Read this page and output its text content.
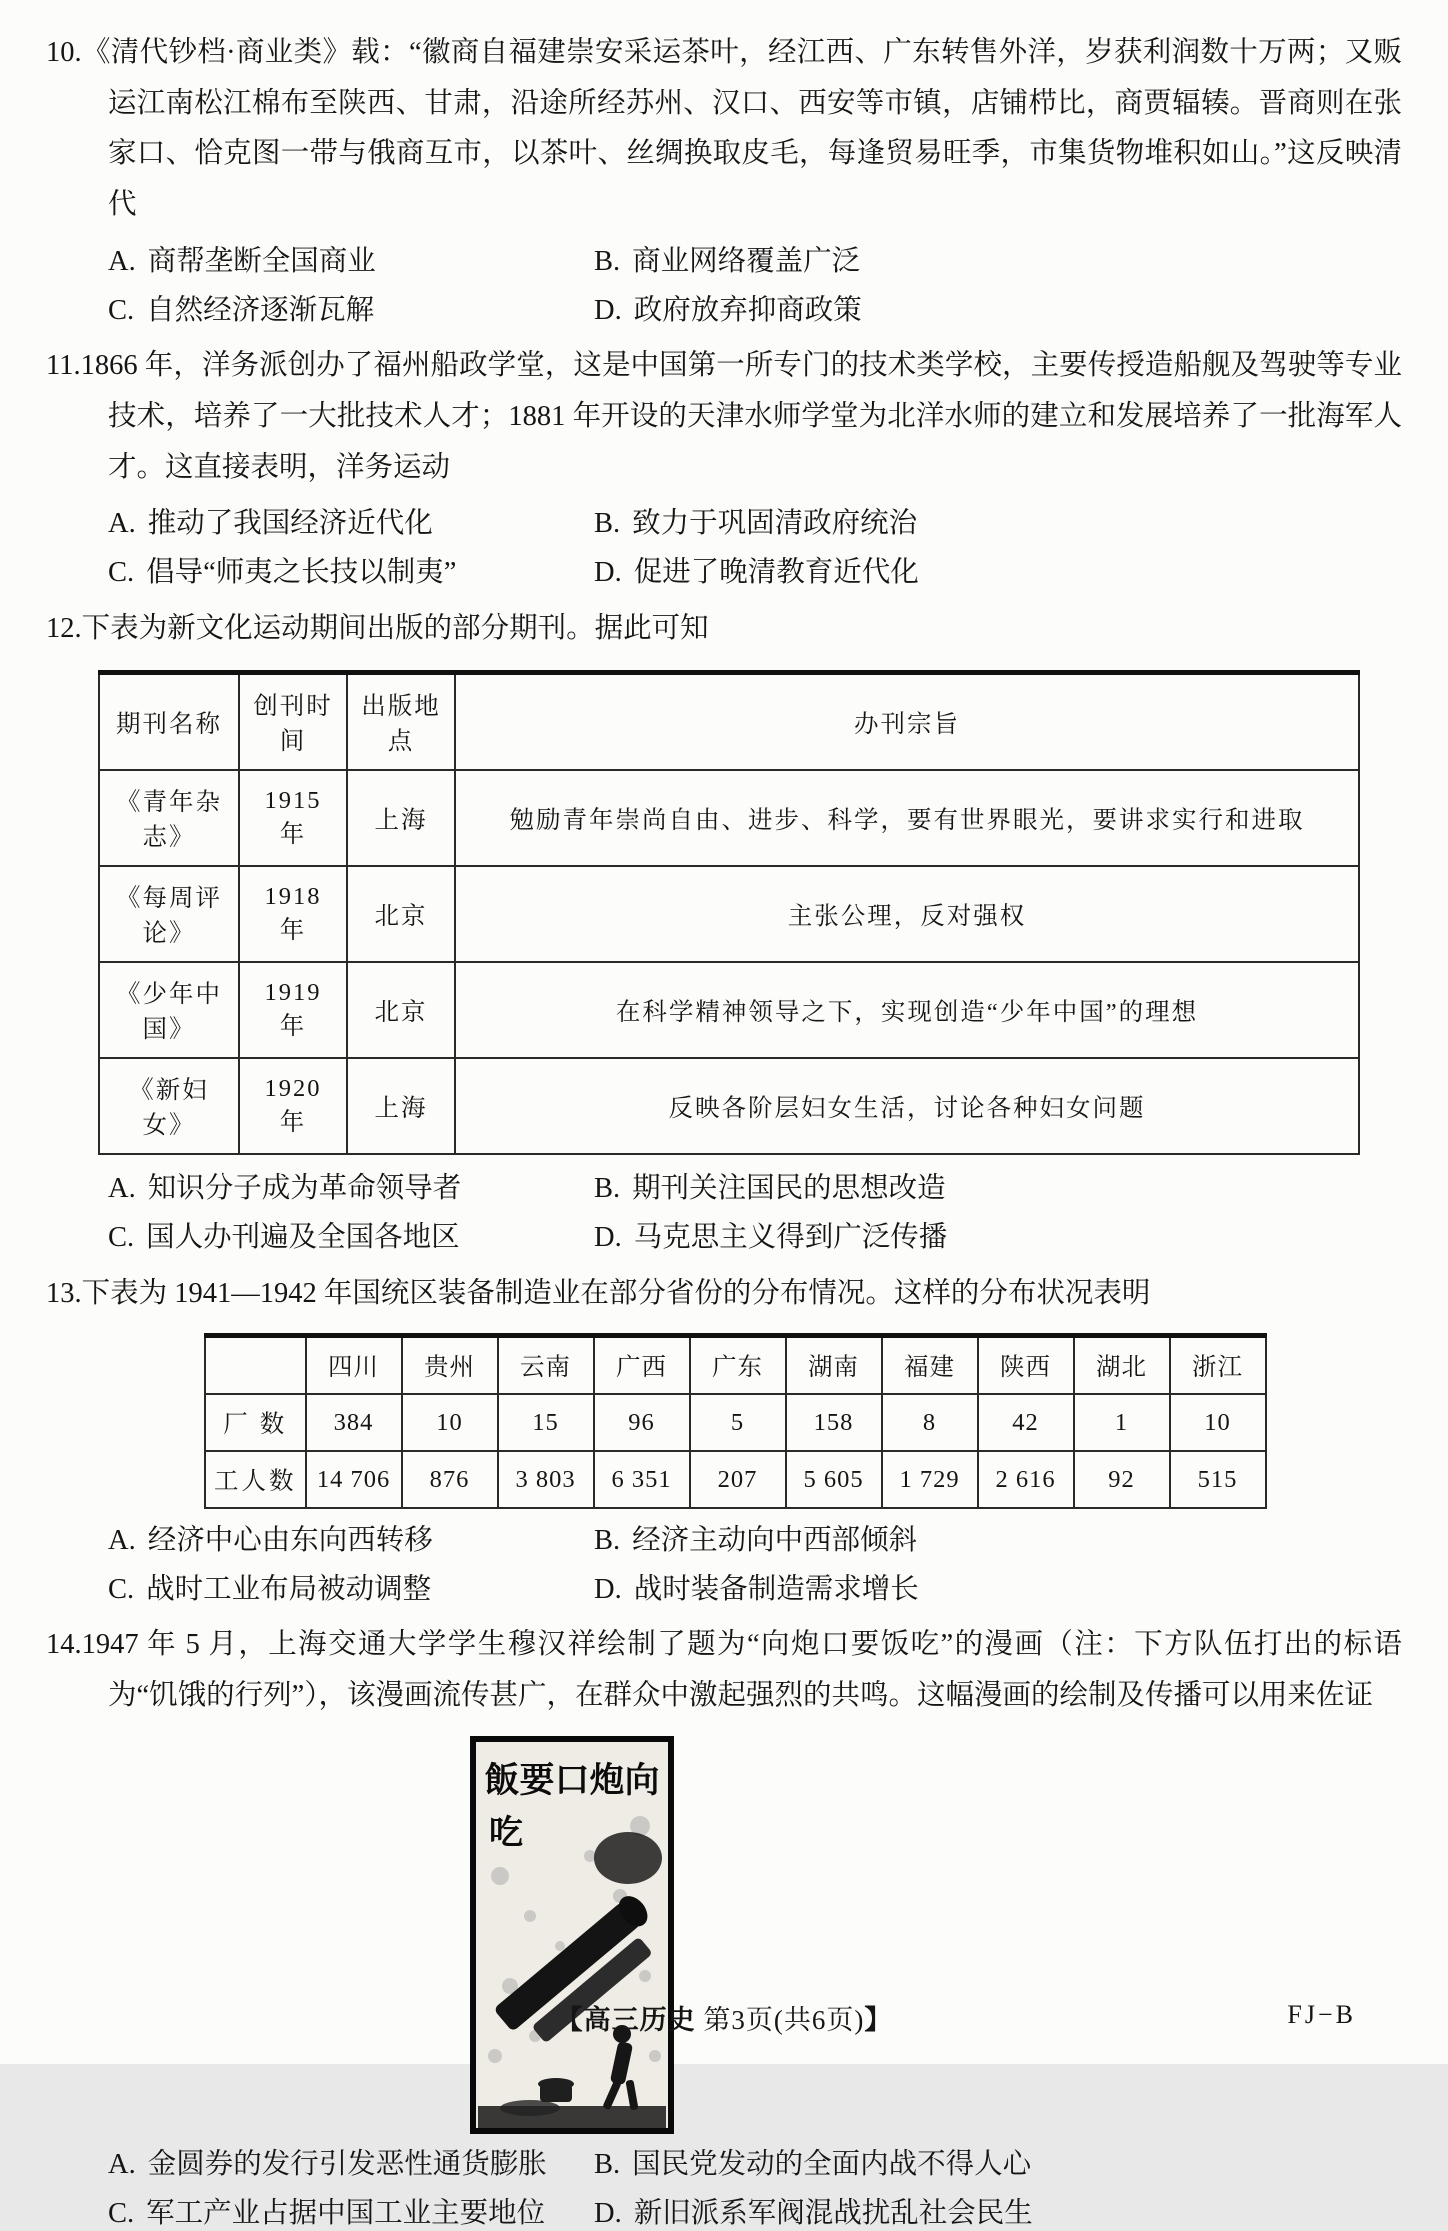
10.《清代钞档·商业类》载：“徽商自福建崇安采运茶叶，经江西、广东转售外洋，岁获利润数十万两；又贩运江南松江棉布至陕西、甘肃，沿途所经苏州、汉口、西安等市镇，店铺栉比，商贾辐辏。晋商则在张家口、恰克图一带与俄商互市，以茶叶、丝绸换取皮毛，每逢贸易旺季，市集货物堆积如山。”这反映清代

A. 商帮垄断全国商业	B. 商业网络覆盖广泛
C. 自然经济逐渐瓦解	D. 政府放弃抑商政策

11.1866 年，洋务派创办了福州船政学堂，这是中国第一所专门的技术类学校，主要传授造船舰及驾驶等专业技术，培养了一大批技术人才；1881 年开设的天津水师学堂为北洋水师的建立和发展培养了一批海军人才。这直接表明，洋务运动

A. 推动了我国经济近代化	B. 致力于巩固清政府统治
C. 倡导“师夷之长技以制夷”	D. 促进了晚清教育近代化

12.下表为新文化运动期间出版的部分期刊。据此可知

期刊名称	创刊时间	出版地点	办刊宗旨
《青年杂志》	1915 年	上海	勉励青年崇尚自由、进步、科学，要有世界眼光，要讲求实行和进取
《每周评论》	1918 年	北京	主张公理，反对强权
《少年中国》	1919 年	北京	在科学精神领导之下，实现创造“少年中国”的理想
《新妇女》	1920 年	上海	反映各阶层妇女生活，讨论各种妇女问题
A. 知识分子成为革命领导者	B. 期刊关注国民的思想改造
C. 国人办刊遍及全国各地区	D. 马克思主义得到广泛传播

13.下表为 1941—1942 年国统区装备制造业在部分省份的分布情况。这样的分布状况表明

	四川	贵州	云南	广西	广东	湖南	福建	陕西	湖北	浙江
厂 数	384	10	15	96	5	158	8	42	1	10
工人数	14 706	876	3 803	6 351	207	5 605	1 729	2 616	92	515
A. 经济中心由东向西转移	B. 经济主动向中西部倾斜
C. 战时工业布局被动调整	D. 战时装备制造需求增长

14.1947 年 5 月，上海交通大学学生穆汉祥绘制了题为“向炮口要饭吃”的漫画（注：下方队伍打出的标语为“饥饿的行列”），该漫画流传甚广，在群众中激起强烈的共鸣。这幅漫画的绘制及传播可以用来佐证

飯要口炮向
吃
A. 金圆券的发行引发恶性通货膨胀 B. 国民党发动的全面内战不得人心
C. 军工产业占据中国工业主要地位 D. 新旧派系军阀混战扰乱社会民生
【高三历史 第3页(共6页)】	FJ−B
